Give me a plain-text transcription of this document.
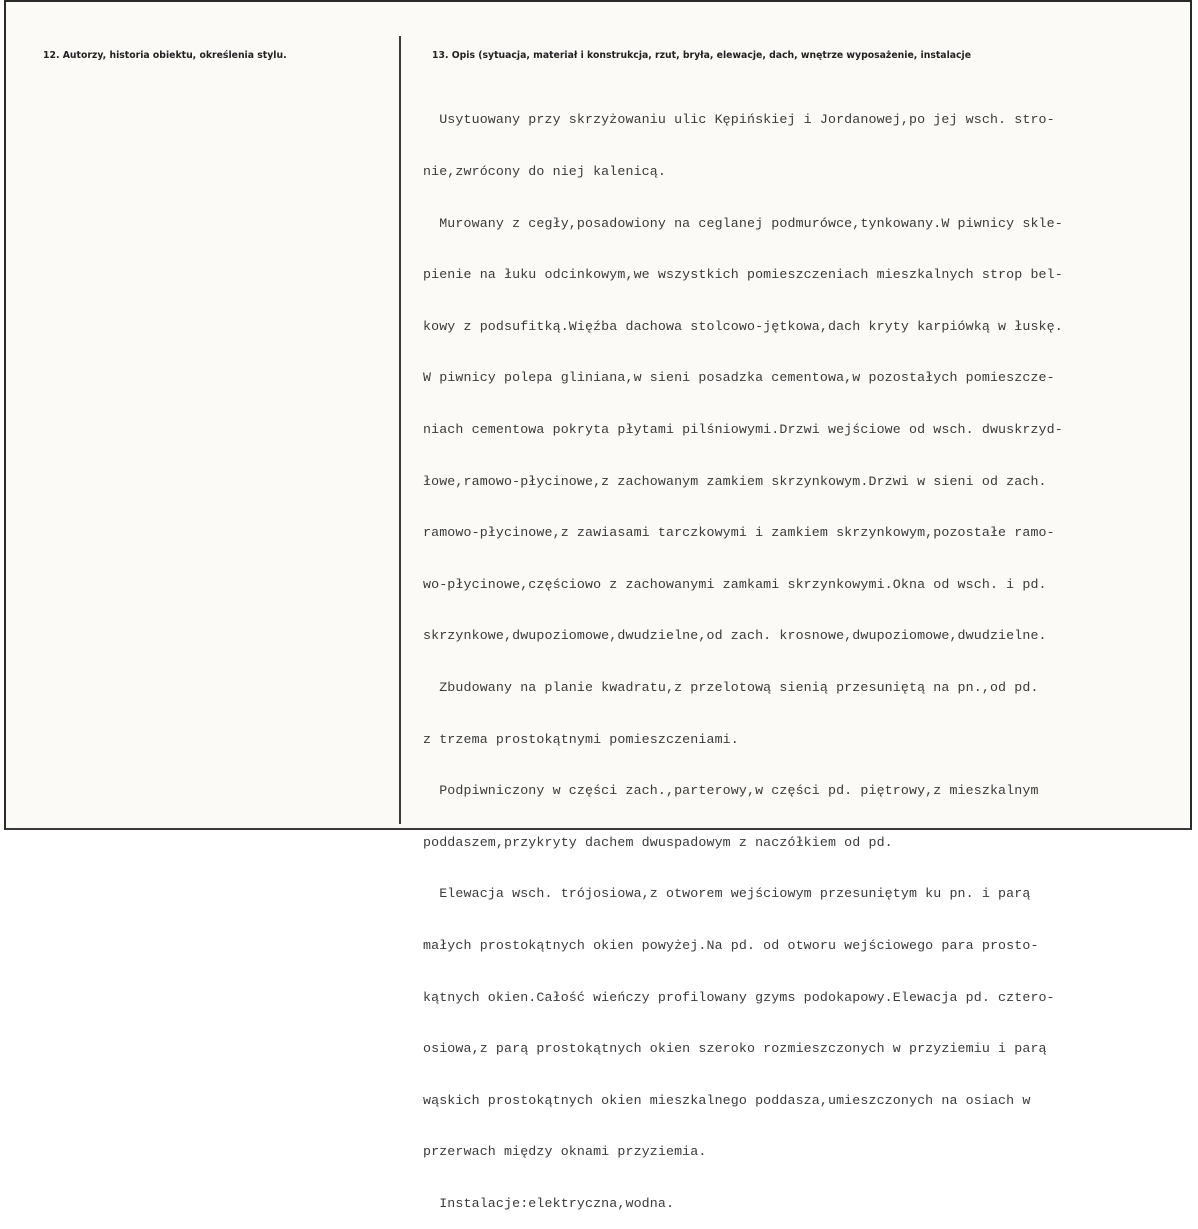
12. Autorzy, historia obiektu, określenia stylu.	13. Opis (sytuacja, materiał i konstrukcja, rzut, bryła, elewacje, dach, wnętrze wyposażenie, instalacje

Usytuowany przy skrzyżowaniu ulic Kępińskiej i Jordanowej,po jej wsch. stro-

nie,zwrócony do niej kalenicą.

Murowany z cegły,posadowiony na ceglanej podmurówce,tynkowany.W piwnicy skle-

pienie na łuku odcinkowym,we wszystkich pomieszczeniach mieszkalnych strop bel-

kowy z podsufitką.Więźba dachowa stolcowo-jętkowa,dach kryty karpiówką w łuskę.

W piwnicy polepa gliniana,w sieni posadzka cementowa,w pozostałych pomieszcze-

niach cementowa pokryta płytami pilśniowymi.Drzwi wejściowe od wsch. dwuskrzyd-

łowe,ramowo-płycinowe,z zachowanym zamkiem skrzynkowym.Drzwi w sieni od zach.

ramowo-płycinowe,z zawiasami tarczkowymi i zamkiem skrzynkowym,pozostałe ramo-

wo-płycinowe,częściowo z zachowanymi zamkami skrzynkowymi.Okna od wsch. i pd.

skrzynkowe,dwupoziomowe,dwudzielne,od zach. krosnowe,dwupoziomowe,dwudzielne.

Zbudowany na planie kwadratu,z przelotową sienią przesuniętą na pn.,od pd.

z trzema prostokątnymi pomieszczeniami.

Podpiwniczony w części zach.,parterowy,w części pd. piętrowy,z mieszkalnym

poddaszem,przykryty dachem dwuspadowym z naczółkiem od pd.

Elewacja wsch. trójosiowa,z otworem wejściowym przesuniętym ku pn. i parą

małych prostokątnych okien powyżej.Na pd. od otworu wejściowego para prosto-

kątnych okien.Całość wieńczy profilowany gzyms podokapowy.Elewacja pd. cztero-

osiowa,z parą prostokątnych okien szeroko rozmieszczonych w przyziemiu i parą

wąskich prostokątnych okien mieszkalnego poddasza,umieszczonych na osiach w

przerwach między oknami przyziemia.

Instalacje:elektryczna,wodna.
